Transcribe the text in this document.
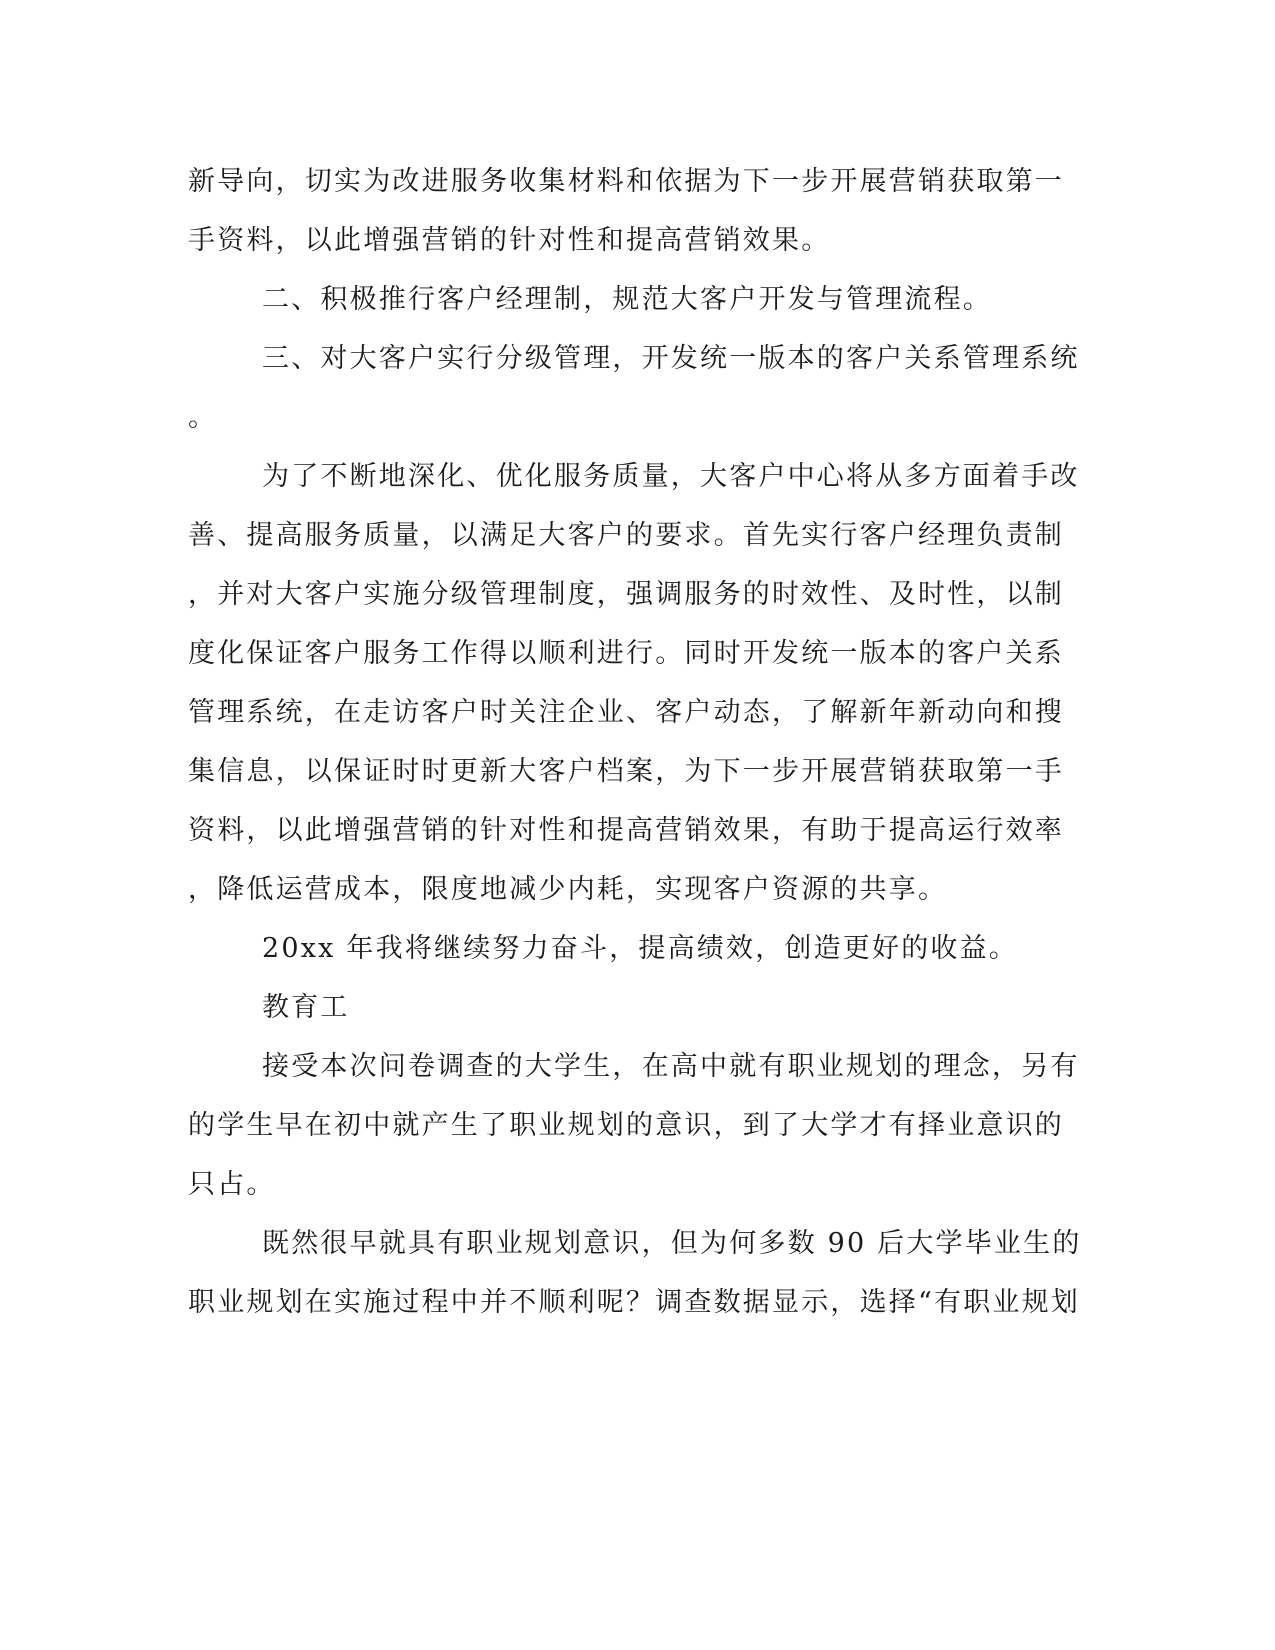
新导向，切实为改进服务收集材料和依据为下一步开展营销获取第一
手资料，以此增强营销的针对性和提高营销效果。
二、积极推行客户经理制，规范大客户开发与管理流程。
三、对大客户实行分级管理，开发统一版本的客户关系管理系统
。
为了不断地深化、优化服务质量，大客户中心将从多方面着手改
善、提高服务质量，以满足大客户的要求。首先实行客户经理负责制
，并对大客户实施分级管理制度，强调服务的时效性、及时性，以制
度化保证客户服务工作得以顺利进行。同时开发统一版本的客户关系
管理系统，在走访客户时关注企业、客户动态，了解新年新动向和搜
集信息，以保证时时更新大客户档案，为下一步开展营销获取第一手
资料，以此增强营销的针对性和提高营销效果，有助于提高运行效率
，降低运营成本，限度地减少内耗，实现客户资源的共享。
20xx 年我将继续努力奋斗，提高绩效，创造更好的收益。
教育工
接受本次问卷调查的大学生，在高中就有职业规划的理念，另有
的学生早在初中就产生了职业规划的意识，到了大学才有择业意识的
只占。
既然很早就具有职业规划意识，但为何多数 90 后大学毕业生的
职业规划在实施过程中并不顺利呢？调查数据显示，选择“有职业规划
